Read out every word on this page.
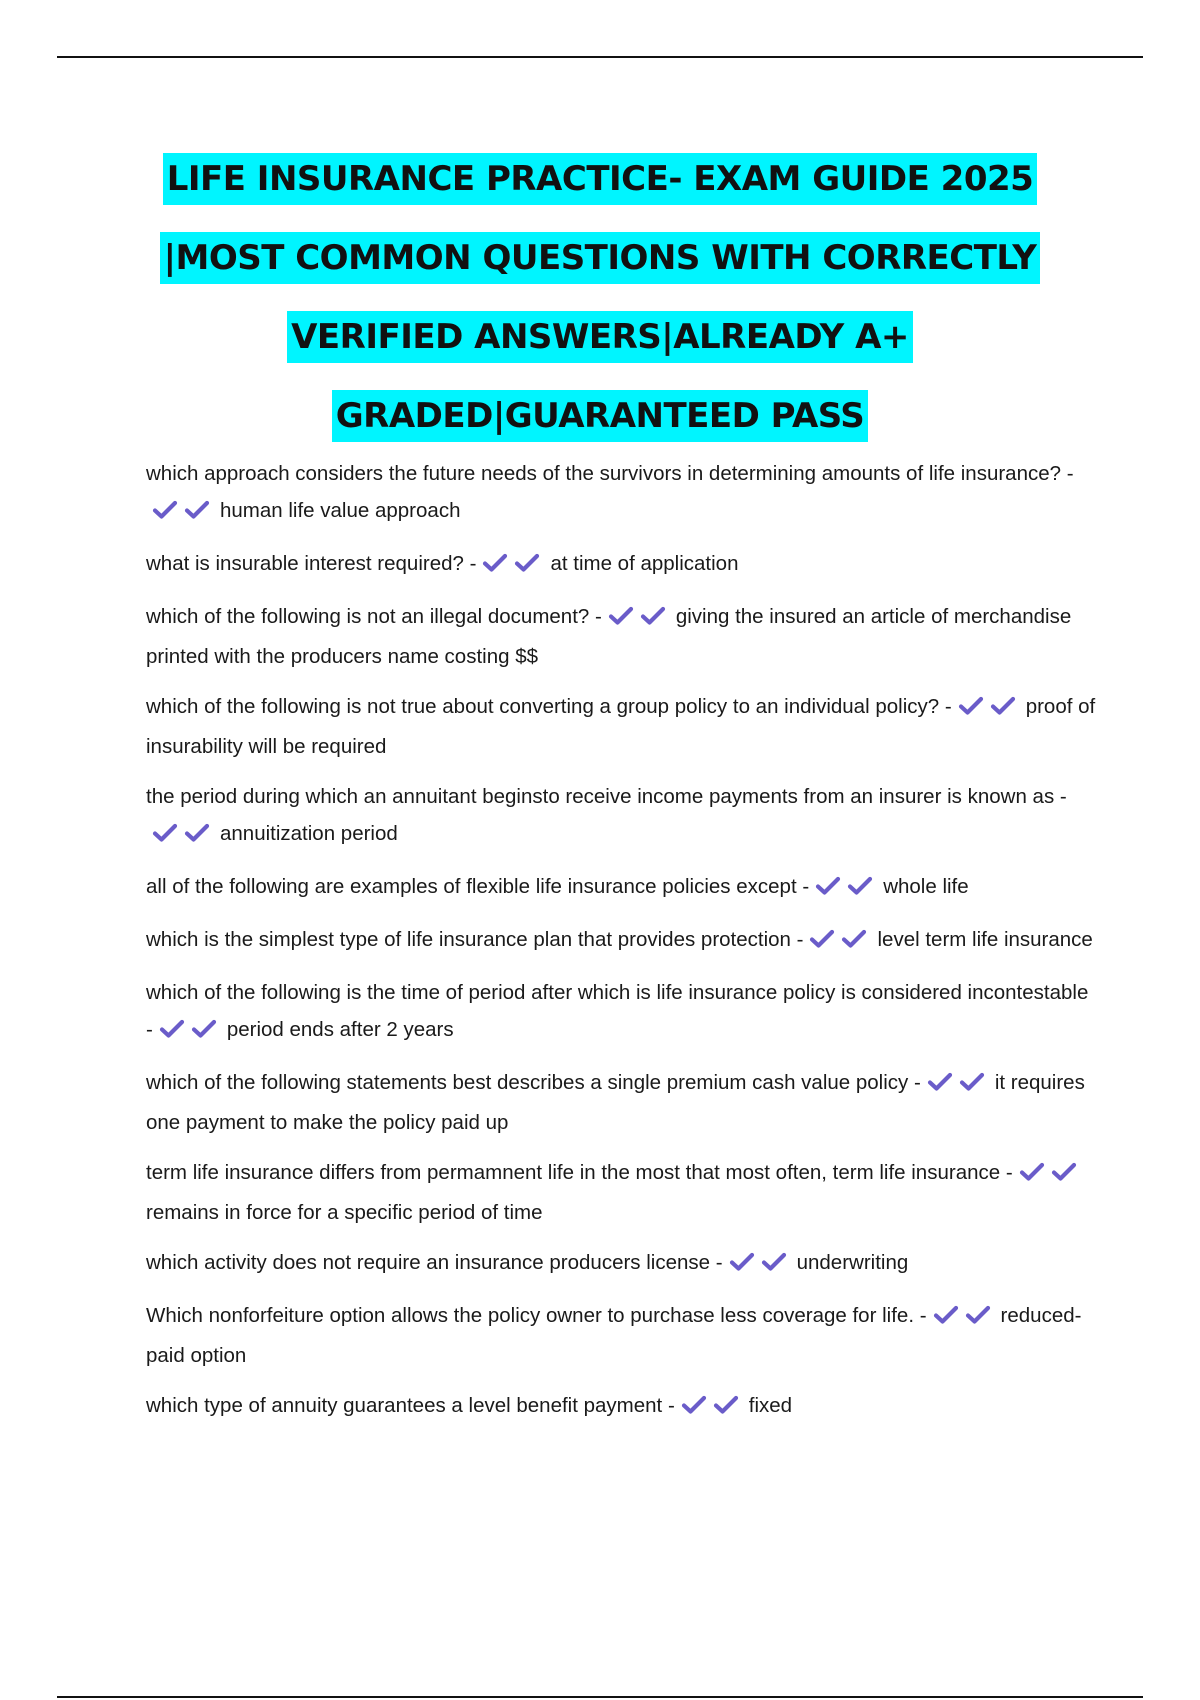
LIFE INSURANCE PRACTICE- EXAM GUIDE 2025
|MOST COMMON QUESTIONS WITH CORRECTLY
VERIFIED ANSWERS|ALREADY A+
GRADED|GUARANTEED PASS
which approach considers the future needs of the survivors in determining amounts of life insurance? -
human life value approach
what is insurable interest required? -	at time of application
which of the following is not an illegal document? -	giving the insured an article of merchandise printed with the producers name costing $$
which of the following is not true about converting a group policy to an individual policy? -	proof of insurability will be required
the period during which an annuitant beginsto receive income payments from an insurer is known as -
annuitization period
all of the following are examples of flexible life insurance policies except -	whole life
which is the simplest type of life insurance plan that provides protection -	level term life insurance
which of the following is the time of period after which is life insurance policy is considered incontestable -	period ends after 2 years
which of the following statements best describes a single premium cash value policy -	it requires one payment to make the policy paid up
term life insurance differs from permamnent life in the most that most often, term life insurance -
remains in force for a specific period of time
which activity does not require an insurance producers license -	underwriting
Which nonforfeiture option allows the policy owner to purchase less coverage for life. -	reduced-paid option
which type of annuity guarantees a level benefit payment -	fixed
